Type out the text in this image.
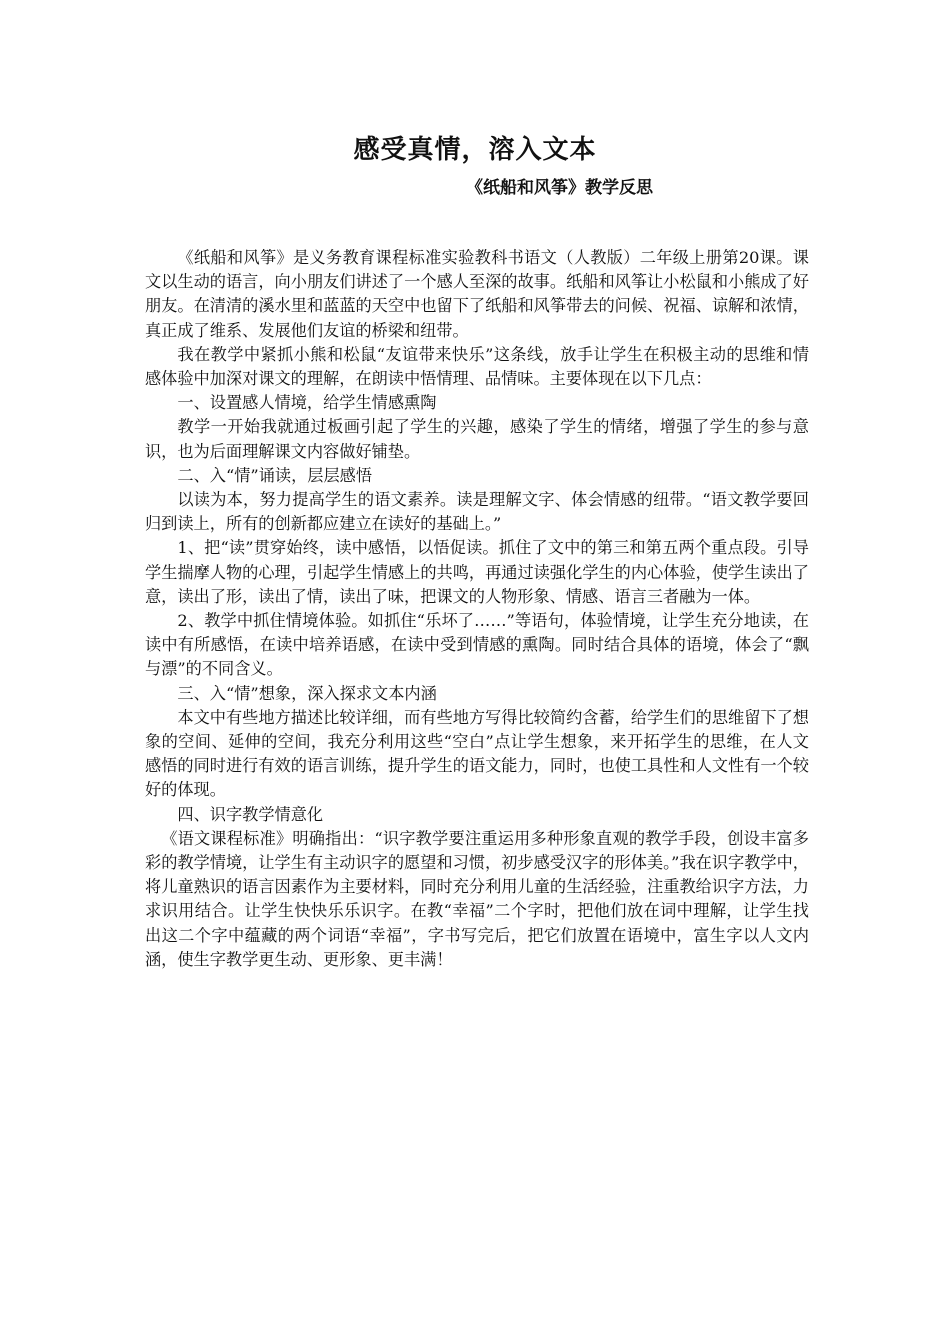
感受真情，溶入文本
《纸船和风筝》教学反思

《纸船和风筝》是义务教育课程标准实验教科书语文（人教版）二年级上册第20课。课文以生动的语言，向小朋友们讲述了一个感人至深的故事。纸船和风筝让小松鼠和小熊成了好朋友。在清清的溪水里和蓝蓝的天空中也留下了纸船和风筝带去的问候、祝福、谅解和浓情，真正成了维系、发展他们友谊的桥梁和纽带。

我在教学中紧抓小熊和松鼠“友谊带来快乐”这条线，放手让学生在积极主动的思维和情感体验中加深对课文的理解，在朗读中悟情理、品情味。主要体现在以下几点：

一、设置感人情境，给学生情感熏陶

教学一开始我就通过板画引起了学生的兴趣，感染了学生的情绪，增强了学生的参与意识，也为后面理解课文内容做好铺垫。

二、入“情”诵读，层层感悟

以读为本，努力提高学生的语文素养。读是理解文字、体会情感的纽带。“语文教学要回归到读上，所有的创新都应建立在读好的基础上。”

1、把“读”贯穿始终，读中感悟，以悟促读。抓住了文中的第三和第五两个重点段。引导学生揣摩人物的心理，引起学生情感上的共鸣，再通过读强化学生的内心体验，使学生读出了意，读出了形，读出了情，读出了味，把课文的人物形象、情感、语言三者融为一体。

2、教学中抓住情境体验。如抓住“乐坏了……”等语句，体验情境，让学生充分地读，在读中有所感悟，在读中培养语感，在读中受到情感的熏陶。同时结合具体的语境，体会了“飘与漂”的不同含义。

三、入“情”想象，深入探求文本内涵

本文中有些地方描述比较详细，而有些地方写得比较简约含蓄，给学生们的思维留下了想象的空间、延伸的空间，我充分利用这些“空白”点让学生想象，来开拓学生的思维，在人文感悟的同时进行有效的语言训练，提升学生的语文能力，同时，也使工具性和人文性有一个较好的体现。

四、识字教学情意化

《语文课程标准》明确指出：“识字教学要注重运用多种形象直观的教学手段，创设丰富多彩的教学情境，让学生有主动识字的愿望和习惯，初步感受汉字的形体美。”我在识字教学中，将儿童熟识的语言因素作为主要材料，同时充分利用儿童的生活经验，注重教给识字方法，力求识用结合。让学生快快乐乐识字。在教“幸福”二个字时，把他们放在词中理解，让学生找出这二个字中蕴藏的两个词语“幸福”，字书写完后，把它们放置在语境中，富生字以人文内涵，使生字教学更生动、更形象、更丰满！
